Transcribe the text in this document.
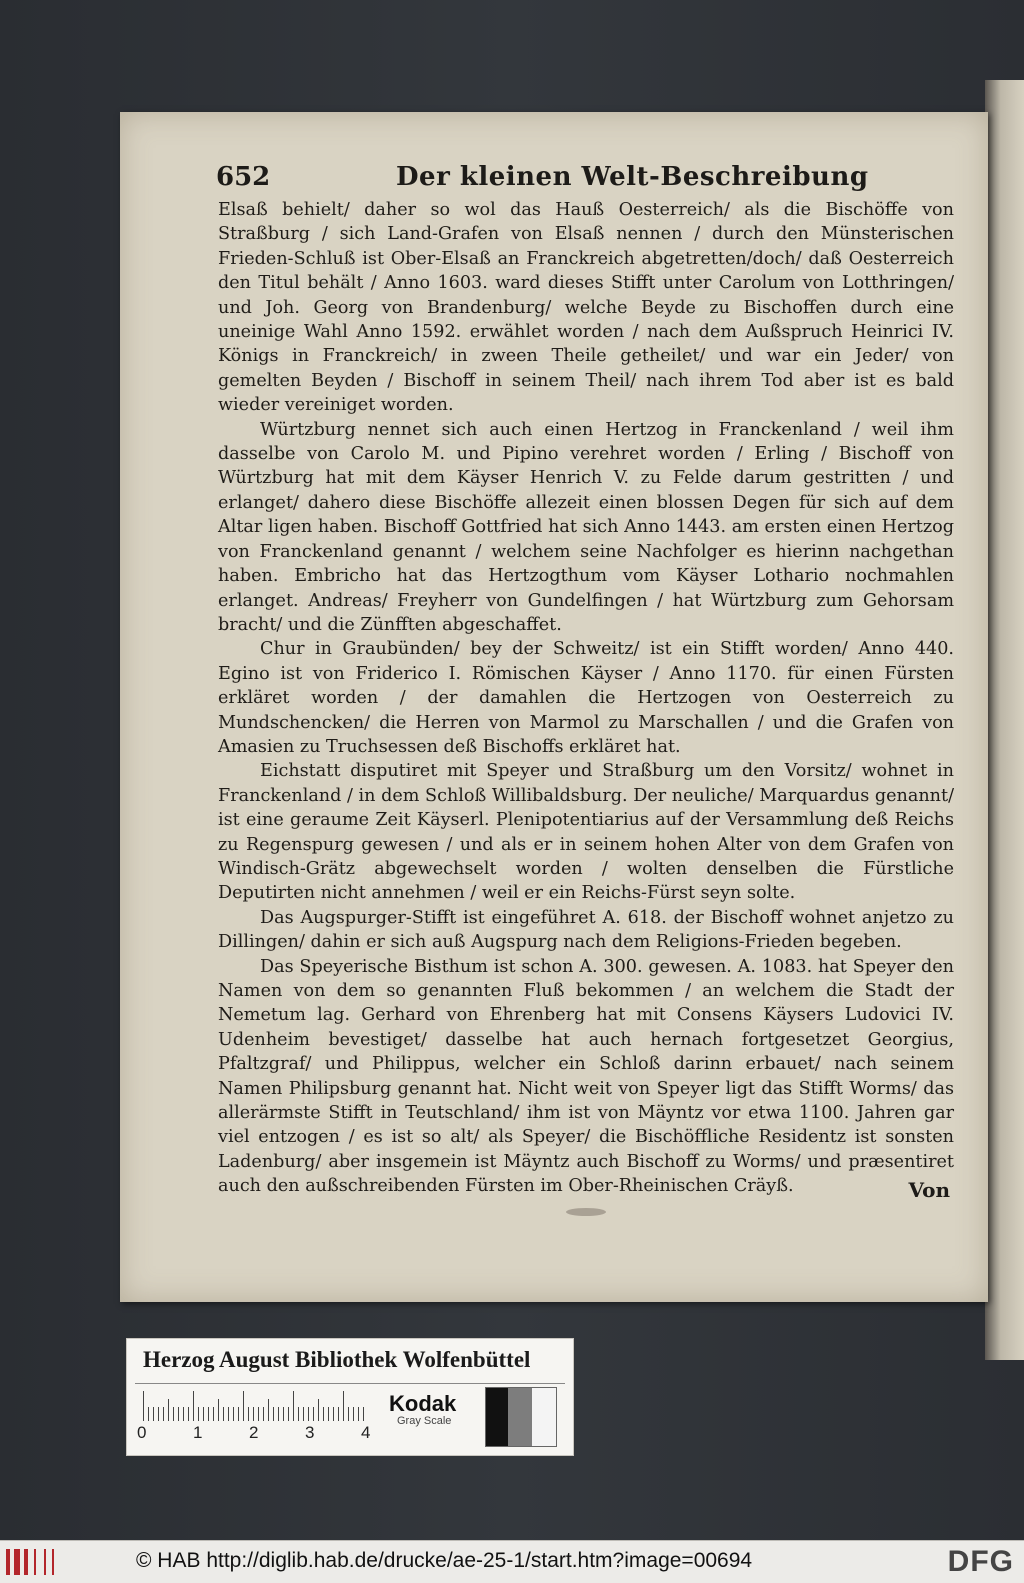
652	Der kleinen Welt-Beschreibung

Elsaß behielt/ daher so wol das Hauß Oesterreich/ als die Bischöffe von Straßburg / sich Land-Grafen von Elsaß nennen / durch den Münsterischen Frieden-Schluß ist Ober-Elsaß an Franckreich abgetretten/doch/ daß Oesterreich den Titul behält / Anno 1603. ward dieses Stifft unter Carolum von Lotthringen/ und Joh. Georg von Brandenburg/ welche Beyde zu Bischoffen durch eine uneinige Wahl Anno 1592. erwählet worden / nach dem Außspruch Heinrici IV. Königs in Franckreich/ in zween Theile getheilet/ und war ein Jeder/ von gemelten Beyden / Bischoff in seinem Theil/ nach ihrem Tod aber ist es bald wieder vereiniget worden.

Würtzburg nennet sich auch einen Hertzog in Franckenland / weil ihm dasselbe von Carolo M. und Pipino verehret worden / Erling / Bischoff von Würtzburg hat mit dem Käyser Henrich V. zu Felde darum gestritten / und erlanget/ dahero diese Bischöffe allezeit einen blossen Degen für sich auf dem Altar ligen haben. Bischoff Gottfried hat sich Anno 1443. am ersten einen Hertzog von Franckenland genannt / welchem seine Nachfolger es hierinn nachgethan haben. Embricho hat das Hertzogthum vom Käyser Lothario nochmahlen erlanget. Andreas/ Freyherr von Gundelfingen / hat Würtzburg zum Gehorsam bracht/ und die Zünfften abgeschaffet.

Chur in Graubünden/ bey der Schweitz/ ist ein Stifft worden/ Anno 440. Egino ist von Friderico I. Römischen Käyser / Anno 1170. für einen Fürsten erkläret worden / der damahlen die Hertzogen von Oesterreich zu Mundschencken/ die Herren von Marmol zu Marschallen / und die Grafen von Amasien zu Truchsessen deß Bischoffs erkläret hat.

Eichstatt disputiret mit Speyer und Straßburg um den Vorsitz/ wohnet in Franckenland / in dem Schloß Willibaldsburg. Der neuliche/ Marquardus genannt/ ist eine geraume Zeit Käyserl. Plenipotentiarius auf der Versammlung deß Reichs zu Regenspurg gewesen / und als er in seinem hohen Alter von dem Grafen von Windisch-Grätz abgewechselt worden / wolten denselben die Fürstliche Deputirten nicht annehmen / weil er ein Reichs-Fürst seyn solte.

Das Augspurger-Stifft ist eingeführet A. 618. der Bischoff wohnet anjetzo zu Dillingen/ dahin er sich auß Augspurg nach dem Religions-Frieden begeben.

Das Speyerische Bisthum ist schon A. 300. gewesen. A. 1083. hat Speyer den Namen von dem so genannten Fluß bekommen / an welchem die Stadt der Nemetum lag. Gerhard von Ehrenberg hat mit Consens Käysers Ludovici IV. Udenheim bevestiget/ dasselbe hat auch hernach fortgesetzet Georgius, Pfaltzgraf/ und Philippus, welcher ein Schloß darinn erbauet/ nach seinem Namen Philipsburg genannt hat. Nicht weit von Speyer ligt das Stifft Worms/ das allerärmste Stifft in Teutschland/ ihm ist von Mäyntz vor etwa 1100. Jahren gar viel entzogen / es ist so alt/ als Speyer/ die Bischöffliche Residentz ist sonsten Ladenburg/ aber insgemein ist Mäyntz auch Bischoff zu Worms/ und præsentiret auch den außschreibenden Fürsten im Ober-Rheinischen Cräyß.	Von
Herzog August Bibliothek Wolfenbüttel
0	1	2	3	4
Kodak
Gray Scale
© HAB http://diglib.hab.de/drucke/ae-25-1/start.htm?image=00694	DFG
